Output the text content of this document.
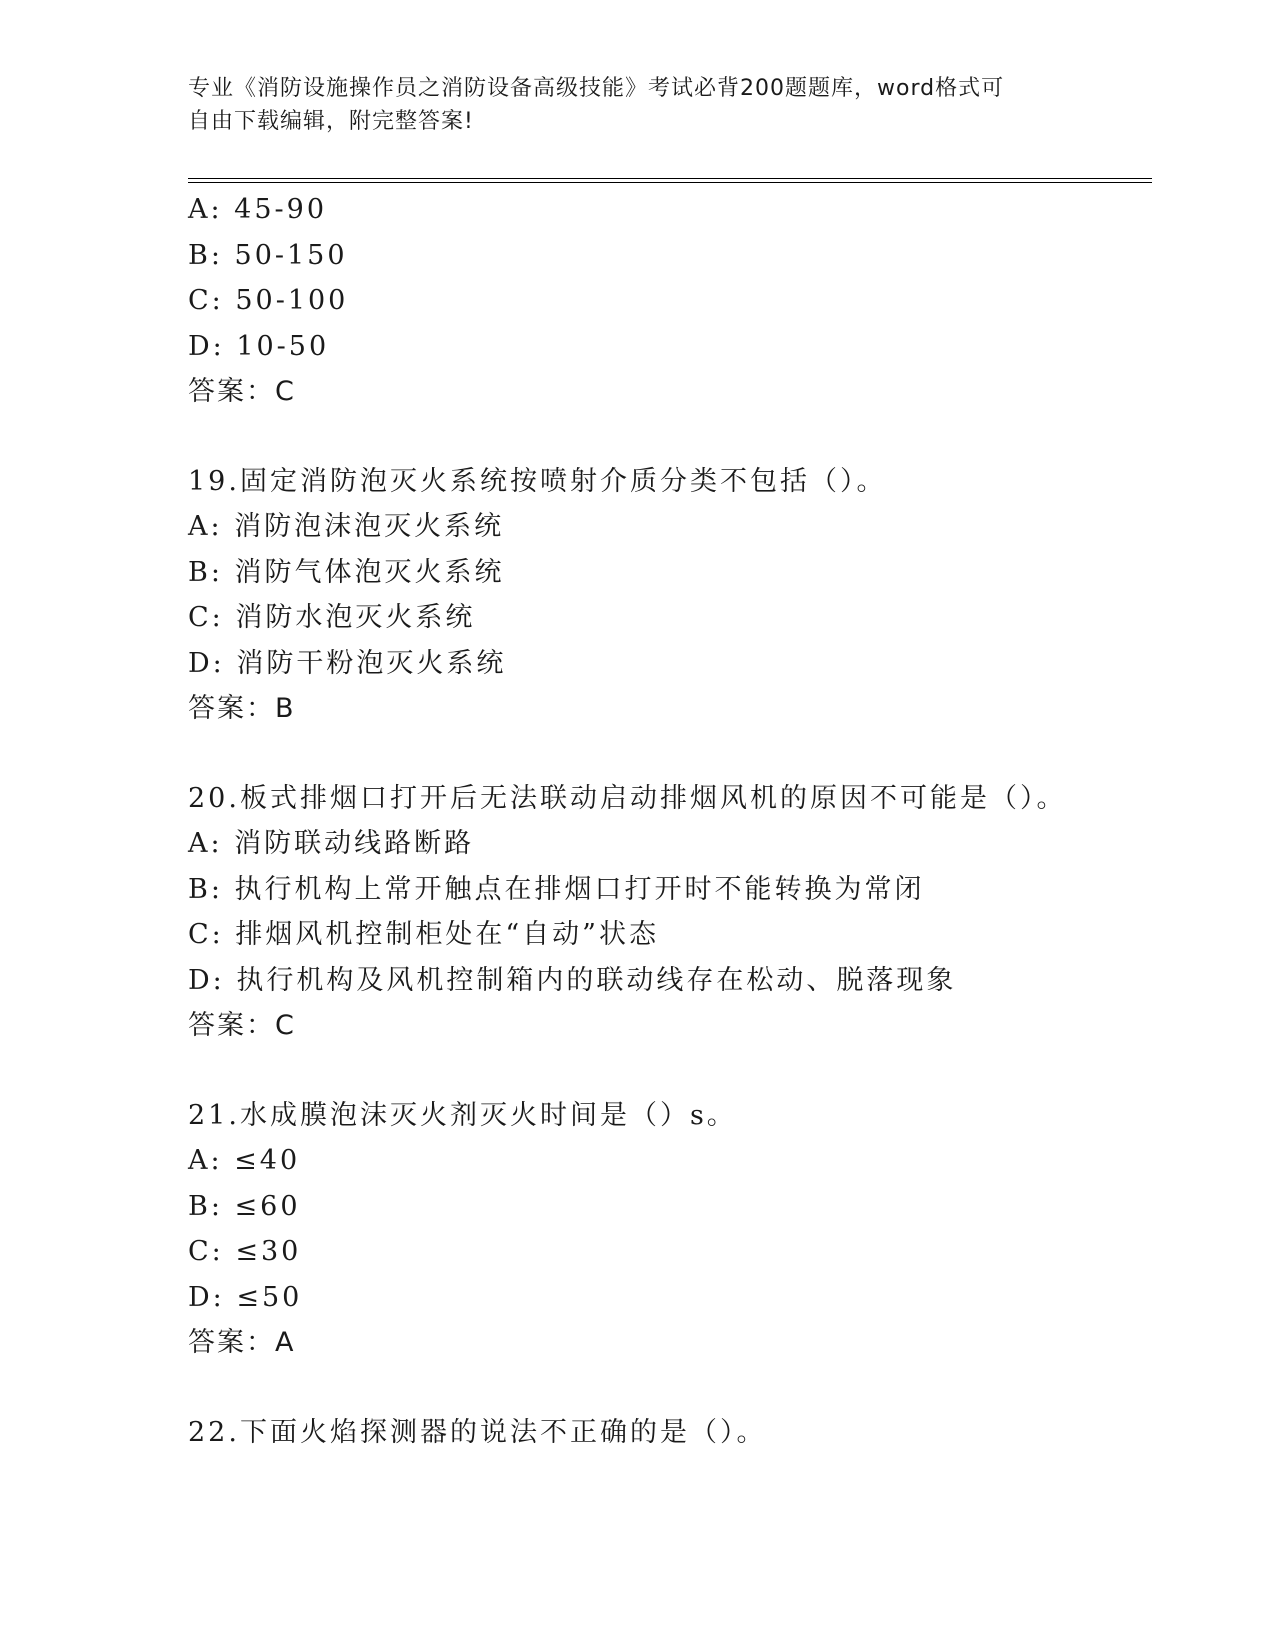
专业《消防设施操作员之消防设备高级技能》考试必背200题题库，word格式可
自由下载编辑，附完整答案!
A: 45-90
B: 50-150
C: 50-100
D: 10-50
答案：C
19.固定消防泡灭火系统按喷射介质分类不包括（）。
A: 消防泡沫泡灭火系统
B: 消防气体泡灭火系统
C: 消防水泡灭火系统
D: 消防干粉泡灭火系统
答案：B
20.板式排烟口打开后无法联动启动排烟风机的原因不可能是（）。
A: 消防联动线路断路
B: 执行机构上常开触点在排烟口打开时不能转换为常闭
C: 排烟风机控制柜处在“自动”状态
D: 执行机构及风机控制箱内的联动线存在松动、脱落现象
答案：C
21.水成膜泡沫灭火剂灭火时间是（）s。
A: ≤40
B: ≤60
C: ≤30
D: ≤50
答案：A
22.下面火焰探测器的说法不正确的是（）。
